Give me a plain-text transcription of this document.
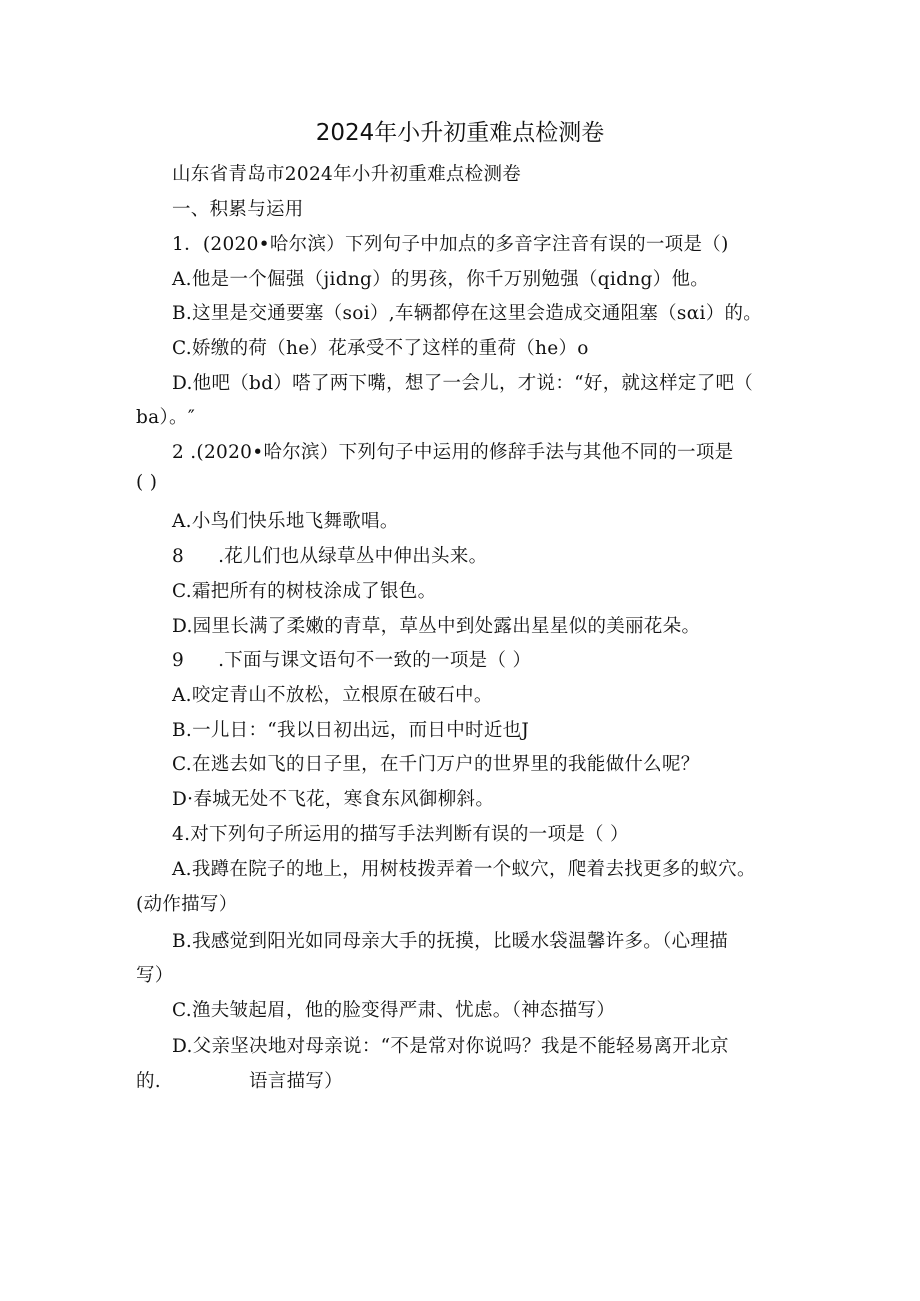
2024年小升初重难点检测卷
山东省青岛市2024年小升初重难点检测卷
一、积累与运用
1．(2020•哈尔滨）下列句子中加点的多音字注音有误的一项是（)
A.他是一个倔强（jidng）的男孩，你千万别勉强（qidng）他。
B.这里是交通要塞（soi）,车辆都停在这里会造成交通阻塞（sαi）的。
C.娇缴的荷（he）花承受不了这样的重荷（he）o
D.他吧（bd）嗒了两下嘴，想了一会儿，才说：“好，就这样定了吧（
ba）。″
2 .(2020•哈尔滨）下列句子中运用的修辞手法与其他不同的一项是
( )
A.小鸟们快乐地飞舞歌唱。
8 .花儿们也从绿草丛中伸出头来。
C.霜把所有的树枝涂成了银色。
D.园里长满了柔嫩的青草，草丛中到处露出星星似的美丽花朵。
9 .下面与课文语句不一致的一项是（ ）
A.咬定青山不放松，立根原在破石中。
B.一儿日：“我以日初出远，而日中时近也J
C.在逃去如飞的日子里，在千门万户的世界里的我能做什么呢？
D·春城无处不飞花，寒食东风御柳斜。
4.对下列句子所运用的描写手法判断有误的一项是（ ）
A.我蹲在院子的地上，用树枝拨弄着一个蚁穴，爬着去找更多的蚁穴。
(动作描写）
B.我感觉到阳光如同母亲大手的抚摸，比暖水袋温馨许多。（心理描
写）
C.渔夫皱起眉，他的脸变得严肃、忧虑。（神态描写）
D.父亲坚决地对母亲说：“不是常对你说吗？我是不能轻易离开北京
的.	语言描写）
